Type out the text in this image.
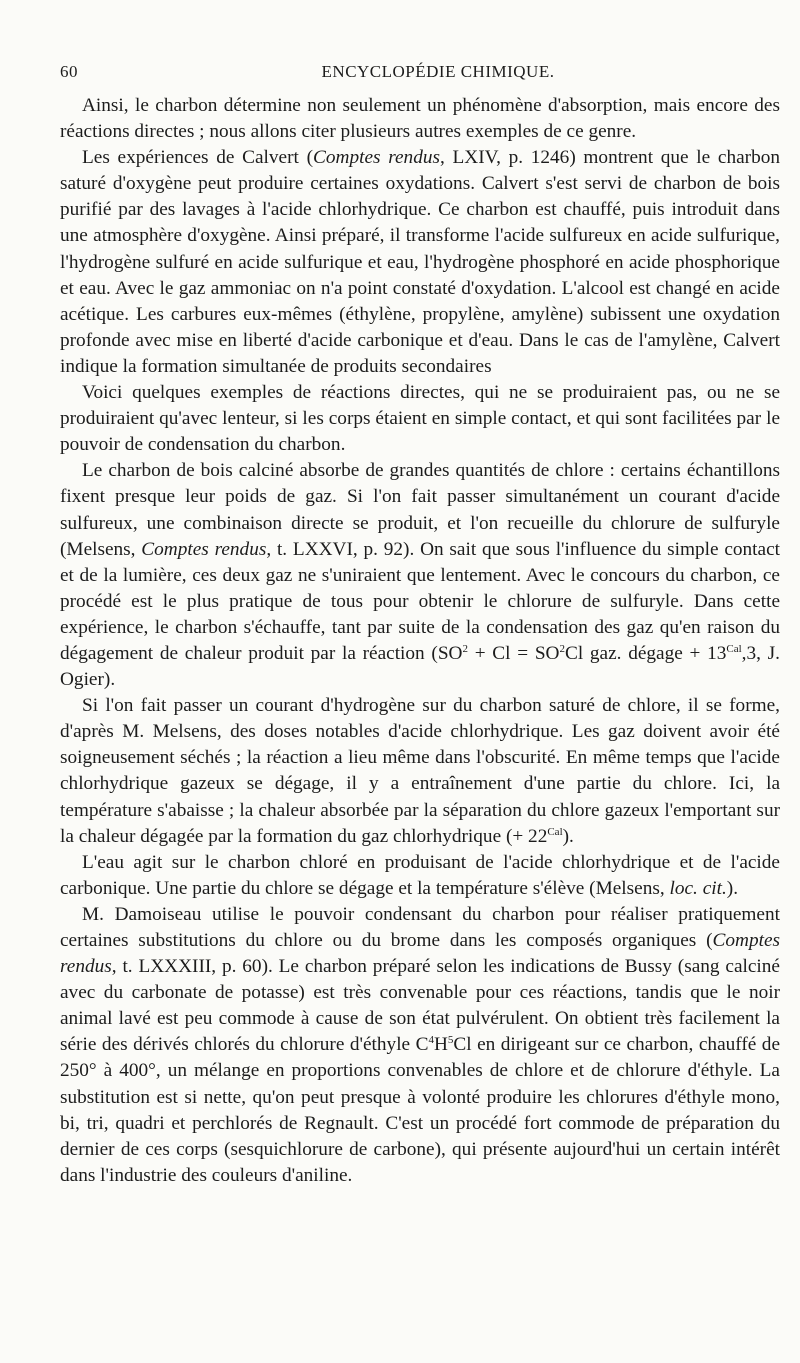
60	ENCYCLOPÉDIE CHIMIQUE.

Ainsi, le charbon détermine non seulement un phénomène d'absorption, mais encore des réactions directes ; nous allons citer plusieurs autres exemples de ce genre.

Les expériences de Calvert (Comptes rendus, LXIV, p. 1246) montrent que le charbon saturé d'oxygène peut produire certaines oxydations. Calvert s'est servi de charbon de bois purifié par des lavages à l'acide chlorhydrique. Ce charbon est chauffé, puis introduit dans une atmosphère d'oxygène. Ainsi préparé, il transforme l'acide sulfureux en acide sulfurique, l'hydrogène sulfuré en acide sulfurique et eau, l'hydrogène phosphoré en acide phosphorique et eau. Avec le gaz ammoniac on n'a point constaté d'oxydation. L'alcool est changé en acide acétique. Les carbures eux-mêmes (éthylène, propylène, amylène) subissent une oxydation profonde avec mise en liberté d'acide carbonique et d'eau. Dans le cas de l'amylène, Calvert indique la formation simultanée de produits secondaires

Voici quelques exemples de réactions directes, qui ne se produiraient pas, ou ne se produiraient qu'avec lenteur, si les corps étaient en simple contact, et qui sont facilitées par le pouvoir de condensation du charbon.

Le charbon de bois calciné absorbe de grandes quantités de chlore : certains échantillons fixent presque leur poids de gaz. Si l'on fait passer simultanément un courant d'acide sulfureux, une combinaison directe se produit, et l'on recueille du chlorure de sulfuryle (Melsens, Comptes rendus, t. LXXVI, p. 92). On sait que sous l'influence du simple contact et de la lumière, ces deux gaz ne s'uniraient que lentement. Avec le concours du charbon, ce procédé est le plus pratique de tous pour obtenir le chlorure de sulfuryle. Dans cette expérience, le charbon s'échauffe, tant par suite de la condensation des gaz qu'en raison du dégagement de chaleur produit par la réaction ($SO^2 + Cl = SO^2Cl$ gaz. dégage + $13^{Cal},3$, J. Ogier).

Si l'on fait passer un courant d'hydrogène sur du charbon saturé de chlore, il se forme, d'après M. Melsens, des doses notables d'acide chlorhydrique. Les gaz doivent avoir été soigneusement séchés ; la réaction a lieu même dans l'obscurité. En même temps que l'acide chlorhydrique gazeux se dégage, il y a entraînement d'une partie du chlore. Ici, la température s'abaisse ; la chaleur absorbée par la séparation du chlore gazeux l'emportant sur la chaleur dégagée par la formation du gaz chlorhydrique (+ $22^{Cal}$).

L'eau agit sur le charbon chloré en produisant de l'acide chlorhydrique et de l'acide carbonique. Une partie du chlore se dégage et la température s'élève (Melsens, loc. cit.).

M. Damoiseau utilise le pouvoir condensant du charbon pour réaliser pratiquement certaines substitutions du chlore ou du brome dans les composés organiques (Comptes rendus, t. LXXXIII, p. 60). Le charbon préparé selon les indications de Bussy (sang calciné avec du carbonate de potasse) est très convenable pour ces réactions, tandis que le noir animal lavé est peu commode à cause de son état pulvérulent. On obtient très facilement la série des dérivés chlorés du chlorure d'éthyle $C^4H^5Cl$ en dirigeant sur ce charbon, chauffé de 250° à 400°, un mélange en proportions convenables de chlore et de chlorure d'éthyle. La substitution est si nette, qu'on peut presque à volonté produire les chlorures d'éthyle mono, bi, tri, quadri et perchlorés de Regnault. C'est un procédé fort commode de préparation du dernier de ces corps (sesquichlorure de carbone), qui présente aujourd'hui un certain intérêt dans l'industrie des couleurs d'aniline.
